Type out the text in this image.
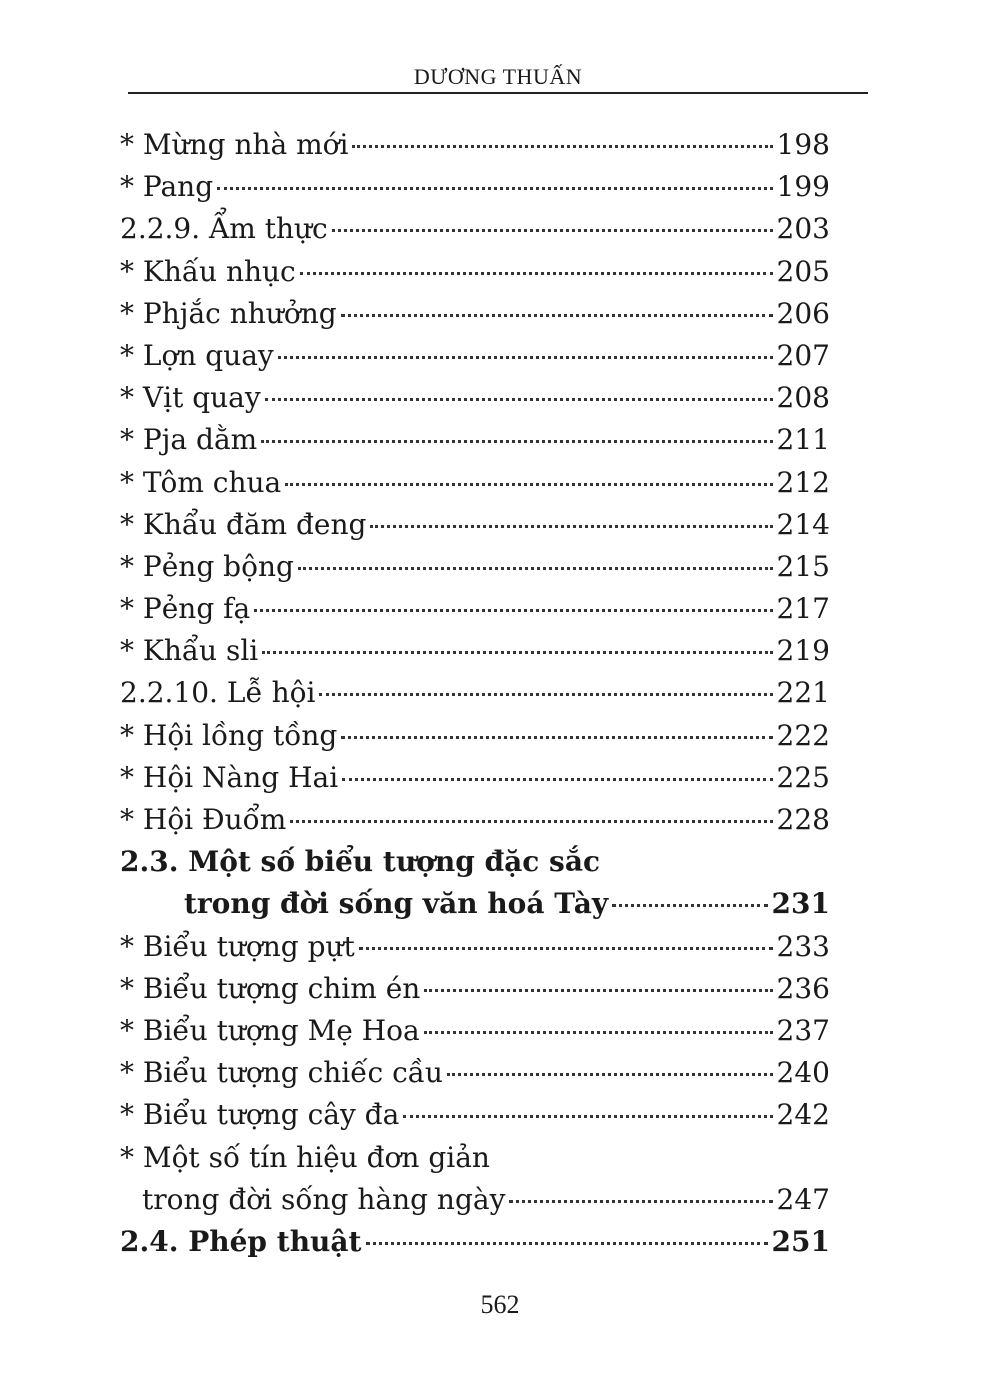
DƯƠNG THUẤN
* Mừng nhà mới	198
* Pang	199
2.2.9. Ẩm thực	203
* Khấu nhục	205
* Phjắc nhưởng	206
* Lợn quay	207
* Vịt quay	208
* Pja dằm	211
* Tôm chua	212
* Khẩu đăm đeng	214
* Pẻng bộng	215
* Pẻng fạ	217
* Khẩu sli	219
2.2.10. Lễ hội	221
* Hội lồng tồng	222
* Hội Nàng Hai	225
* Hội Đuổm	228
2.3. Một số biểu tượng đặc sắc
trong đời sống văn hoá Tày	231
* Biểu tượng pựt	233
* Biểu tượng chim én	236
* Biểu tượng Mẹ Hoa	237
* Biểu tượng chiếc cầu	240
* Biểu tượng cây đa	242
* Một số tín hiệu đơn giản
trong đời sống hàng ngày	247
2.4. Phép thuật	251
562
